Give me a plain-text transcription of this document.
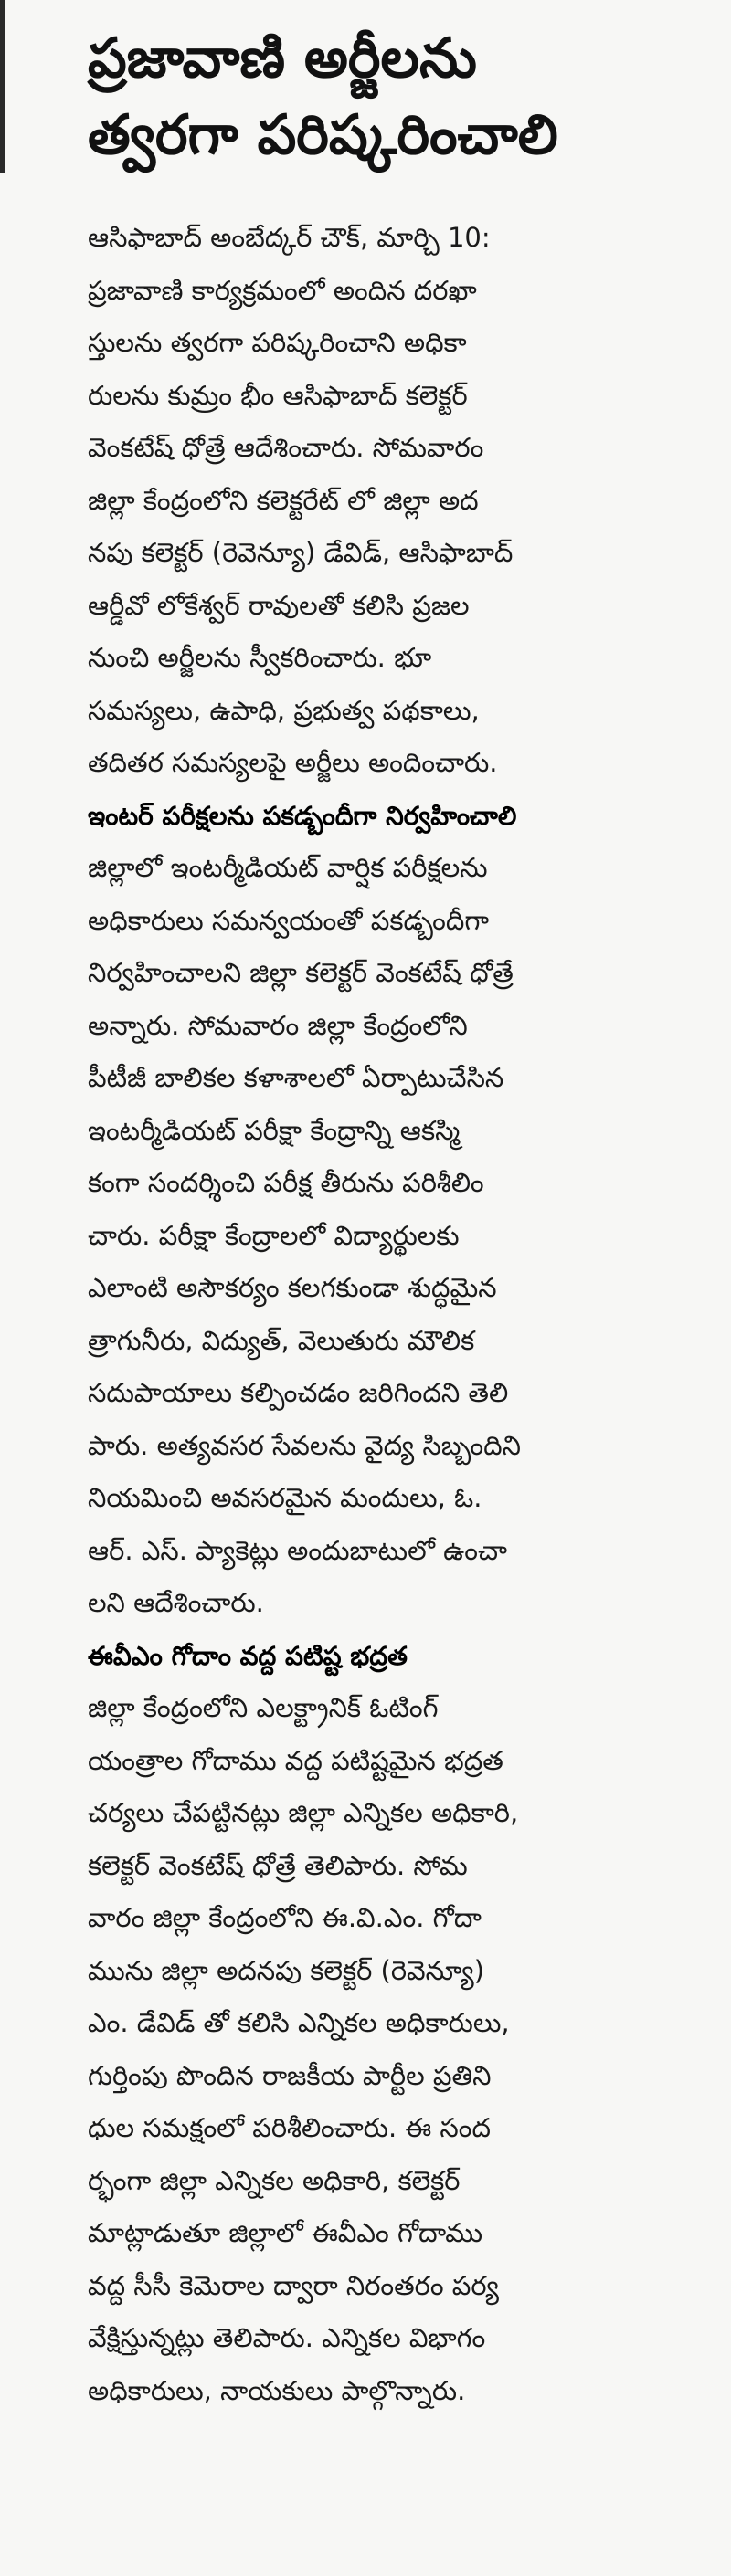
ప్రజావాణి అర్జీలను
త్వరగా పరిష్కరించాలి
ఆసిఫాబాద్ అంబేద్కర్ చౌక్, మార్చి 10:
ప్రజావాణి కార్యక్రమంలో అందిన దరఖా
స్తులను త్వరగా పరిష్కరించాని అధికా
రులను కుమ్రం భీం ఆసిఫాబాద్ కలెక్టర్
వెంకటేష్ ధోత్రే ఆదేశించారు. సోమవారం
జిల్లా కేంద్రంలోని కలెక్టరేట్ లో జిల్లా అద
నపు కలెక్టర్ (రెవెన్యూ) డేవిడ్, ఆసిఫాబాద్
ఆర్డీవో లోకేశ్వర్ రావులతో కలిసి ప్రజల
నుంచి అర్జీలను స్వీకరించారు. భూ
సమస్యలు, ఉపాధి, ప్రభుత్వ పథకాలు,
తదితర సమస్యలపై అర్జీలు అందించారు.
ఇంటర్ పరీక్షలను పకడ్బందీగా నిర్వహించాలి
జిల్లాలో ఇంటర్మీడియట్ వార్షిక పరీక్షలను
అధికారులు సమన్వయంతో పకడ్బందీగా
నిర్వహించాలని జిల్లా కలెక్టర్ వెంకటేష్ ధోత్రే
అన్నారు. సోమవారం జిల్లా కేంద్రంలోని
పీటీజీ బాలికల కళాశాలలో ఏర్పాటుచేసిన
ఇంటర్మీడియట్ పరీక్షా కేంద్రాన్ని ఆకస్మి
కంగా సందర్శించి పరీక్ష తీరును పరిశీలిం
చారు. పరీక్షా కేంద్రాలలో విద్యార్థులకు
ఎలాంటి అసౌకర్యం కలగకుండా శుద్ధమైన
త్రాగునీరు, విద్యుత్, వెలుతురు మౌలిక
సదుపాయాలు కల్పించడం జరిగిందని తెలి
పారు. అత్యవసర సేవలను వైద్య సిబ్బందిని
నియమించి అవసరమైన మందులు, ఓ.
ఆర్. ఎస్. ప్యాకెట్లు అందుబాటులో ఉంచా
లని ఆదేశించారు.
ఈవీఎం గోదాం వద్ద పటిష్ట భద్రత
జిల్లా కేంద్రంలోని ఎలక్ట్రానిక్ ఓటింగ్
యంత్రాల గోదాము వద్ద పటిష్టమైన భద్రత
చర్యలు చేపట్టినట్లు జిల్లా ఎన్నికల అధికారి,
కలెక్టర్ వెంకటేష్ ధోత్రే తెలిపారు. సోమ
వారం జిల్లా కేంద్రంలోని ఈ.వి.ఎం. గోదా
మును జిల్లా అదనపు కలెక్టర్ (రెవెన్యూ)
ఎం. డేవిడ్ తో కలిసి ఎన్నికల అధికారులు,
గుర్తింపు పొందిన రాజకీయ పార్టీల ప్రతిని
ధుల సమక్షంలో పరిశీలించారు. ఈ సంద
ర్భంగా జిల్లా ఎన్నికల అధికారి, కలెక్టర్
మాట్లాడుతూ జిల్లాలో ఈవీఎం గోదాము
వద్ద సీసీ కెమెరాల ద్వారా నిరంతరం పర్య
వేక్షిస్తున్నట్లు తెలిపారు. ఎన్నికల విభాగం
అధికారులు, నాయకులు పాల్గొన్నారు.
